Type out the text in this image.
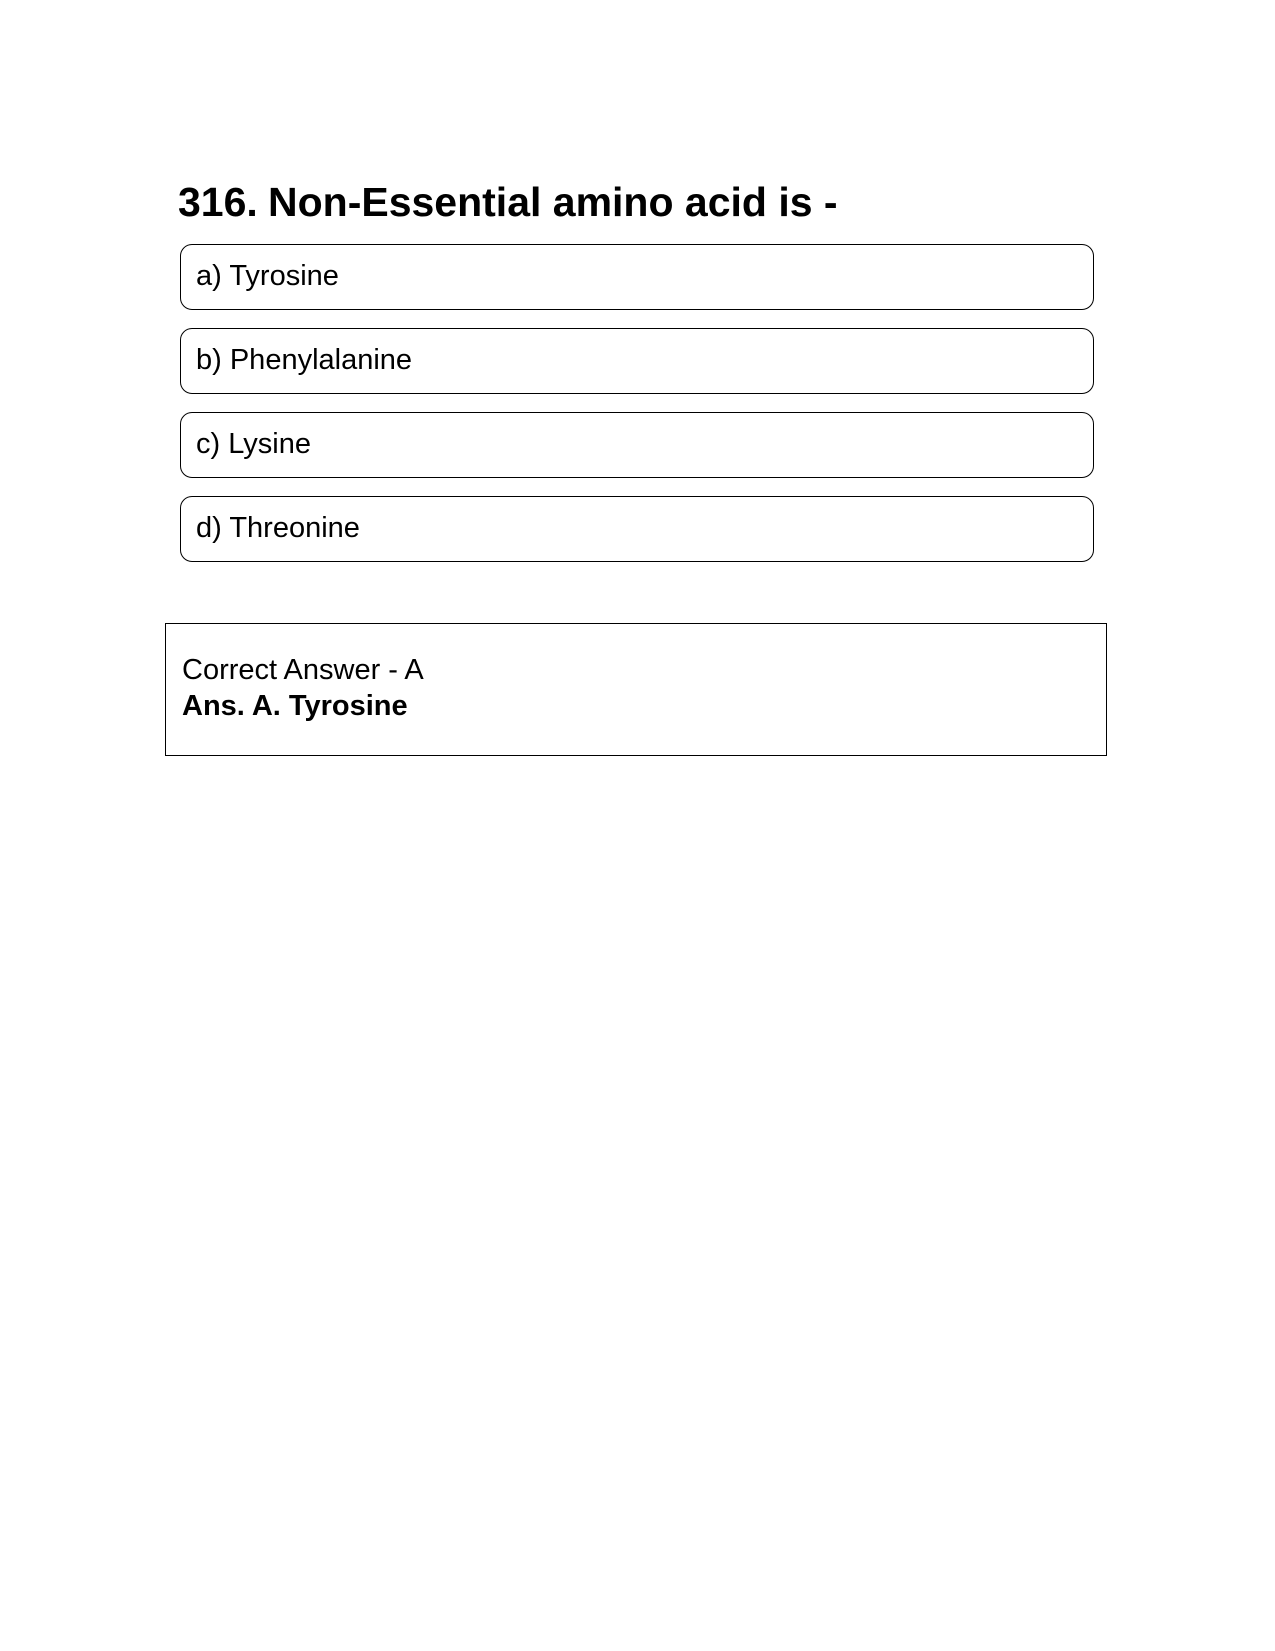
316. Non-Essential amino acid is -
a) Tyrosine
b) Phenylalanine
c) Lysine
d) Threonine
Correct Answer - A
Ans. A. Tyrosine
